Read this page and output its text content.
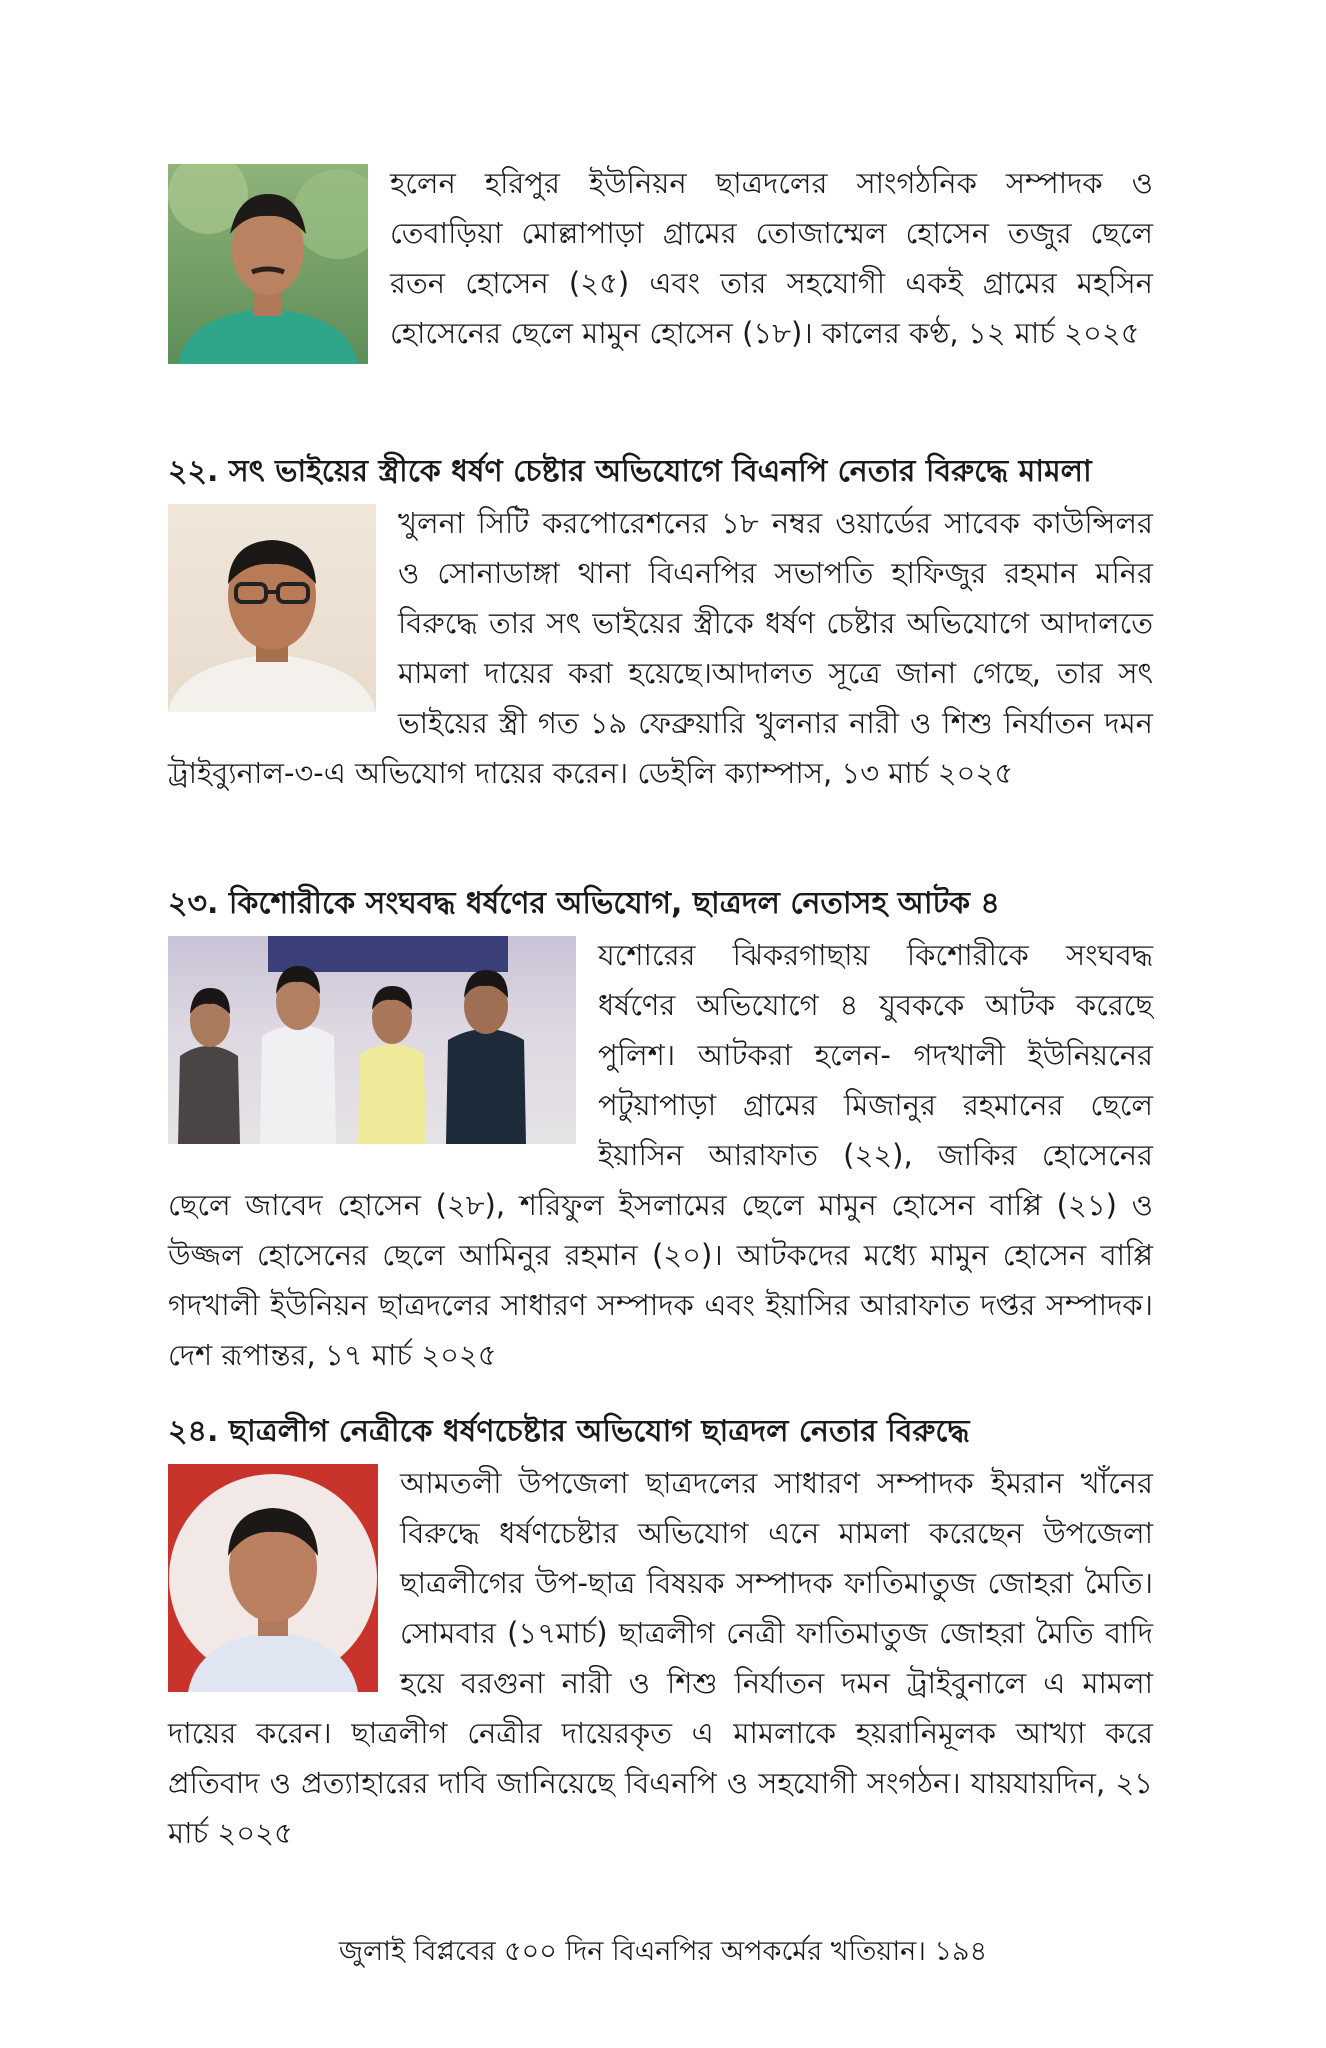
হলেন হরিপুর ইউনিয়ন ছাত্রদলের সাংগঠনিক সম্পাদক ও তেবাড়িয়া মোল্লাপাড়া গ্রামের তোজাম্মেল হোসেন তজুর ছেলে রতন হোসেন (২৫) এবং তার সহযোগী একই গ্রামের মহসিন হোসেনের ছেলে মামুন হোসেন (১৮)। কালের কণ্ঠ, ১২ মার্চ ২০২৫

২২. সৎ ভাইয়ের স্ত্রীকে ধর্ষণ চেষ্টার অভিযোগে বিএনপি নেতার বিরুদ্ধে মামলা

খুলনা সিটি করপোরেশনের ১৮ নম্বর ওয়ার্ডের সাবেক কাউন্সিলর ও সোনাডাঙ্গা থানা বিএনপির সভাপতি হাফিজুর রহমান মনির বিরুদ্ধে তার সৎ ভাইয়ের স্ত্রীকে ধর্ষণ চেষ্টার অভিযোগে আদালতে মামলা দায়ের করা হয়েছে।আদালত সূত্রে জানা গেছে, তার সৎ ভাইয়ের স্ত্রী গত ১৯ ফেব্রুয়ারি খুলনার নারী ও শিশু নির্যাতন দমন ট্রাইব্যুনাল-৩-এ অভিযোগ দায়ের করেন। ডেইলি ক্যাম্পাস, ১৩ মার্চ ২০২৫

২৩. কিশোরীকে সংঘবদ্ধ ধর্ষণের অভিযোগ, ছাত্রদল নেতাসহ আটক ৪

যশোরের ঝিকরগাছায় কিশোরীকে সংঘবদ্ধ ধর্ষণের অভিযোগে ৪ যুবককে আটক করেছে পুলিশ। আটকরা হলেন- গদখালী ইউনিয়নের পটুয়াপাড়া গ্রামের মিজানুর রহমানের ছেলে ইয়াসিন আরাফাত (২২), জাকির হোসেনের ছেলে জাবেদ হোসেন (২৮), শরিফুল ইসলামের ছেলে মামুন হোসেন বাপ্পি (২১) ও উজ্জল হোসেনের ছেলে আমিনুর রহমান (২০)। আটকদের মধ্যে মামুন হোসেন বাপ্পি গদখালী ইউনিয়ন ছাত্রদলের সাধারণ সম্পাদক এবং ইয়াসির আরাফাত দপ্তর সম্পাদক। দেশ রূপান্তর, ১৭ মার্চ ২০২৫

২৪. ছাত্রলীগ নেত্রীকে ধর্ষণচেষ্টার অভিযোগ ছাত্রদল নেতার বিরুদ্ধে

আমতলী উপজেলা ছাত্রদলের সাধারণ সম্পাদক ইমরান খাঁনের বিরুদ্ধে ধর্ষণচেষ্টার অভিযোগ এনে মামলা করেছেন উপজেলা ছাত্রলীগের উপ-ছাত্র বিষয়ক সম্পাদক ফাতিমাতুজ জোহরা মৈতি। সোমবার (১৭মার্চ) ছাত্রলীগ নেত্রী ফাতিমাতুজ জোহরা মৈতি বাদি হয়ে বরগুনা নারী ও শিশু নির্যাতন দমন ট্রাইবুনালে এ মামলা দায়ের করেন। ছাত্রলীগ নেত্রীর দায়েরকৃত এ মামলাকে হয়রানিমূলক আখ্যা করে প্রতিবাদ ও প্রত্যাহারের দাবি জানিয়েছে বিএনপি ও সহযোগী সংগঠন। যায়যায়দিন, ২১ মার্চ ২০২৫

জুলাই বিপ্লবের ৫০০ দিন বিএনপির অপকর্মের খতিয়ান। ১৯৪
